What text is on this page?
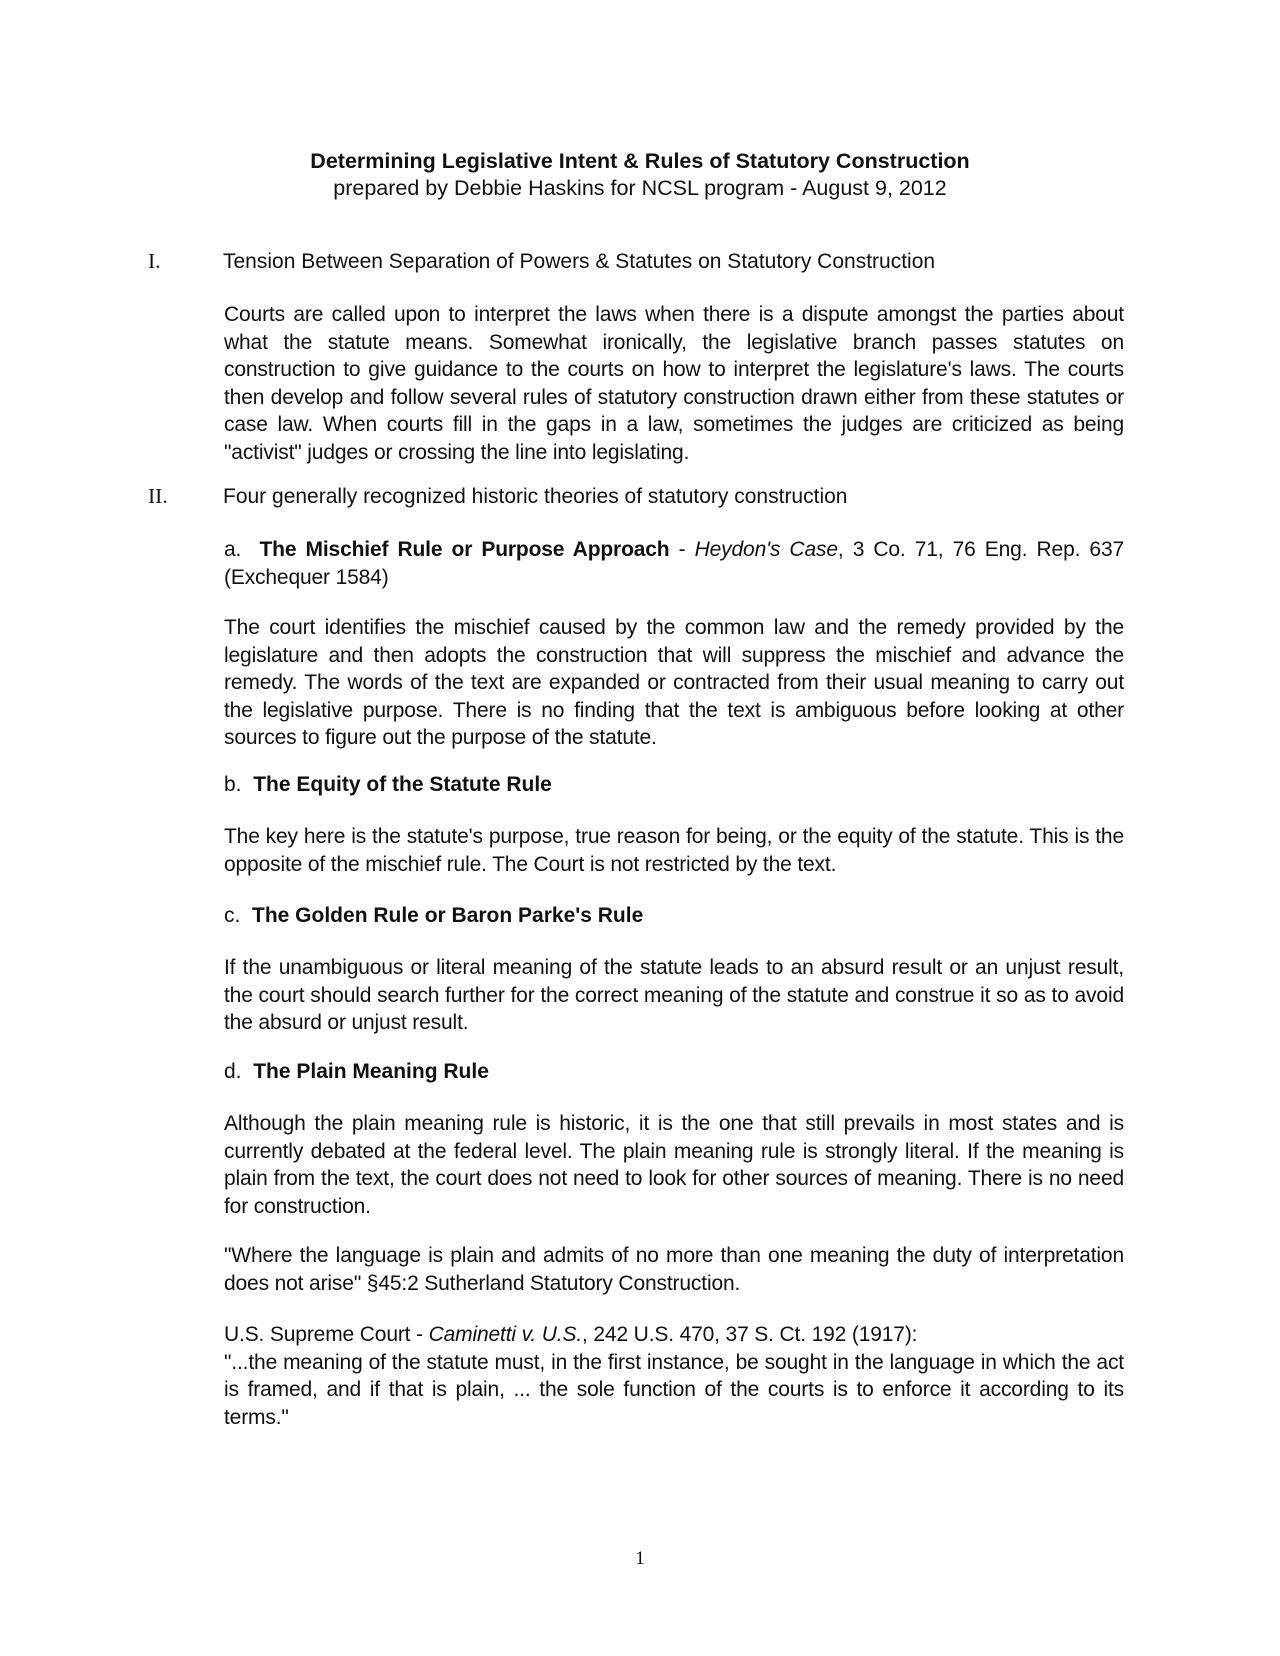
Determining Legislative Intent & Rules of Statutory Construction
prepared by Debbie Haskins for NCSL program - August 9, 2012
I.	Tension Between Separation of Powers & Statutes on Statutory Construction

Courts are called upon to interpret the laws when there is a dispute amongst the parties about what the statute means. Somewhat ironically, the legislative branch passes statutes on construction to give guidance to the courts on how to interpret the legislature's laws. The courts then develop and follow several rules of statutory construction drawn either from these statutes or case law. When courts fill in the gaps in a law, sometimes the judges are criticized as being "activist" judges or crossing the line into legislating.

II.	Four generally recognized historic theories of statutory construction

a. The Mischief Rule or Purpose Approach - Heydon's Case, 3 Co. 71, 76 Eng. Rep. 637 (Exchequer 1584)

The court identifies the mischief caused by the common law and the remedy provided by the legislature and then adopts the construction that will suppress the mischief and advance the remedy. The words of the text are expanded or contracted from their usual meaning to carry out the legislative purpose. There is no finding that the text is ambiguous before looking at other sources to figure out the purpose of the statute.

b. The Equity of the Statute Rule

The key here is the statute's purpose, true reason for being, or the equity of the statute. This is the opposite of the mischief rule. The Court is not restricted by the text.

c. The Golden Rule or Baron Parke's Rule

If the unambiguous or literal meaning of the statute leads to an absurd result or an unjust result, the court should search further for the correct meaning of the statute and construe it so as to avoid the absurd or unjust result.

d. The Plain Meaning Rule

Although the plain meaning rule is historic, it is the one that still prevails in most states and is currently debated at the federal level. The plain meaning rule is strongly literal. If the meaning is plain from the text, the court does not need to look for other sources of meaning. There is no need for construction.

"Where the language is plain and admits of no more than one meaning the duty of interpretation does not arise" §45:2 Sutherland Statutory Construction.

U.S. Supreme Court - Caminetti v. U.S., 242 U.S. 470, 37 S. Ct. 192 (1917):

"...the meaning of the statute must, in the first instance, be sought in the language in which the act is framed, and if that is plain, ... the sole function of the courts is to enforce it according to its terms."

1
